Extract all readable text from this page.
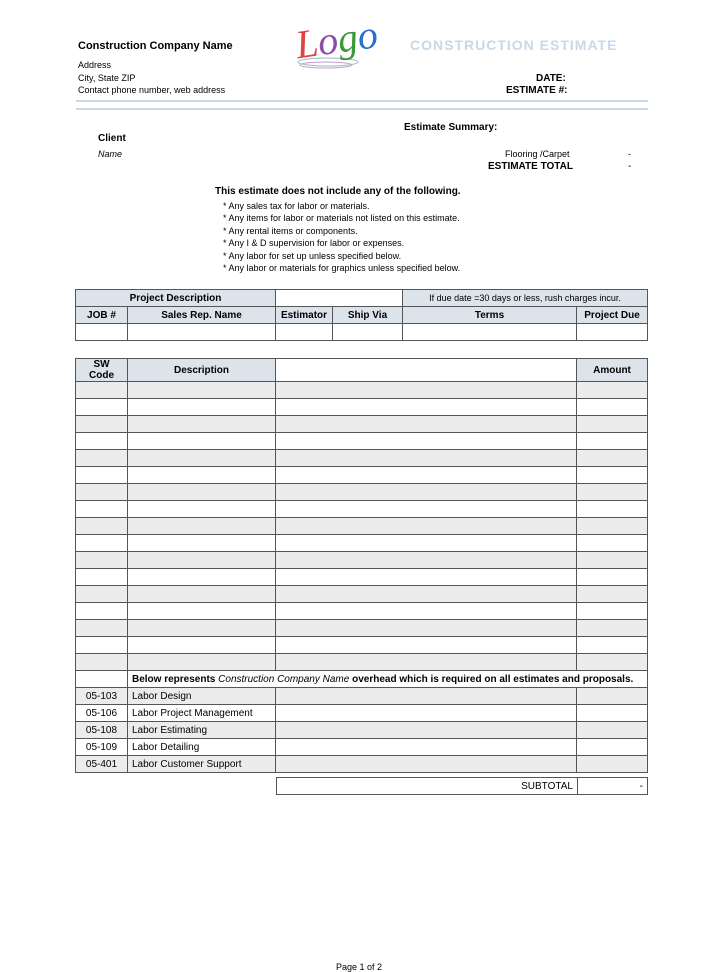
Construction Company Name
Address
City, State ZIP
Contact phone number, web address
Logo CONSTRUCTION ESTIMATE
DATE:
ESTIMATE #:
Client
Name
Estimate Summary:
Flooring /Carpet	-
ESTIMATE TOTAL	-
This estimate does not include any of the following.
* Any sales tax for labor or materials.
* Any items for labor or materials not listed on this estimate.
* Any rental items or components.
* Any I & D supervision for labor or expenses.
* Any labor for set up unless specified below.
* Any labor or materials for graphics unless specified below.
Project Description				If due date =30 days or less, rush charges incur.	
JOB #	Sales Rep. Name	Estimator	Ship Via	Terms	Project Due

SW Code	Description		Amount

	Below represents Construction Company Name overhead which is required on all estimates and proposals.		
05-103	Labor Design		
05-106	Labor Project Management		
05-108	Labor Estimating		
05-109	Labor Detailing		
05-401	Labor Customer Support		
SUBTOTAL	-
Page 1 of 2
